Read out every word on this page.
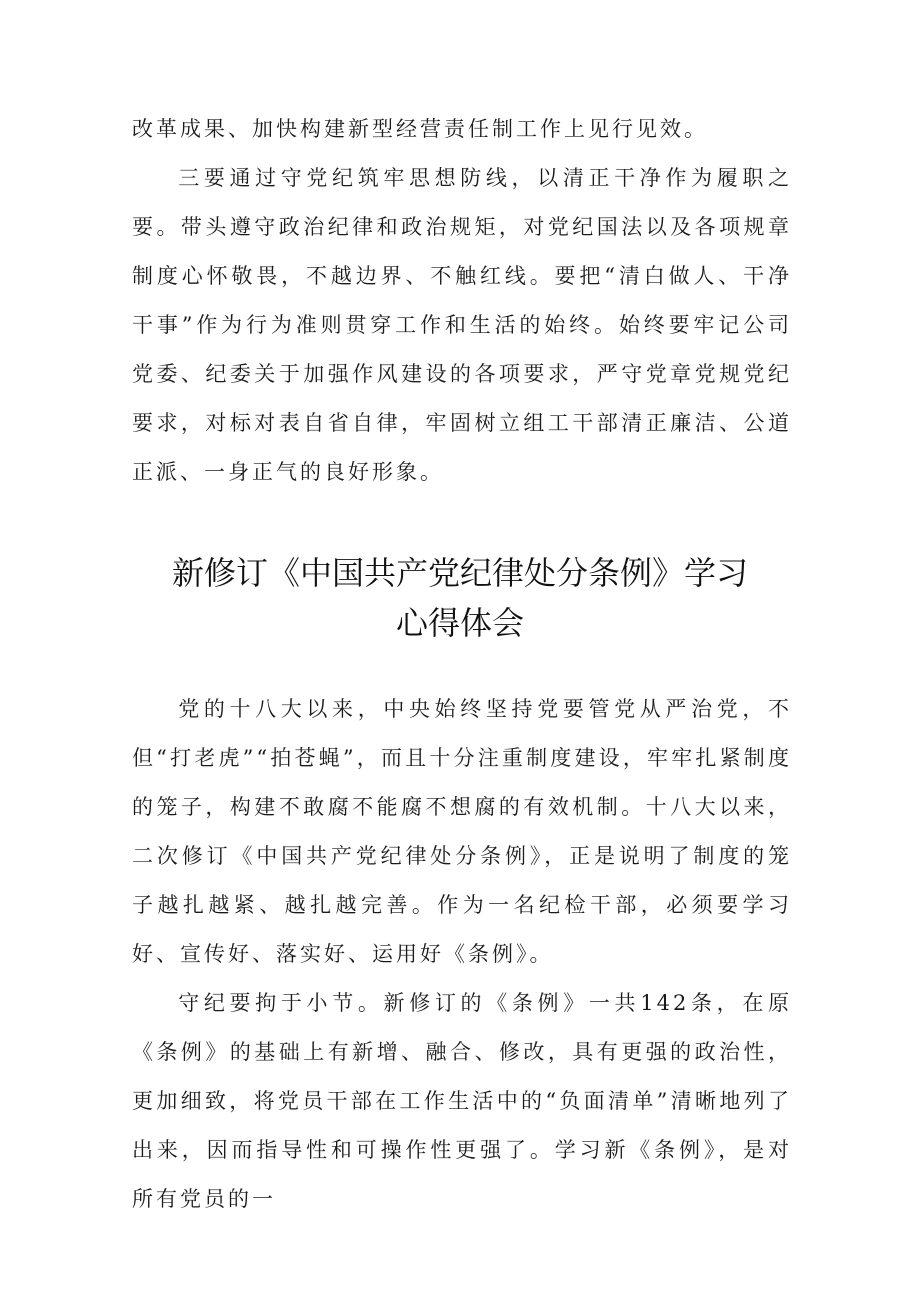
改革成果、加快构建新型经营责任制工作上见行见效。

三要通过守党纪筑牢思想防线，以清正干净作为履职之要。带头遵守政治纪律和政治规矩，对党纪国法以及各项规章制度心怀敬畏，不越边界、不触红线。要把“清白做人、干净干事”作为行为准则贯穿工作和生活的始终。始终要牢记公司党委、纪委关于加强作风建设的各项要求，严守党章党规党纪要求，对标对表自省自律，牢固树立组工干部清正廉洁、公道正派、一身正气的良好形象。

新修订《中国共产党纪律处分条例》学习
心得体会

党的十八大以来，中央始终坚持党要管党从严治党，不但“打老虎”“拍苍蝇”，而且十分注重制度建设，牢牢扎紧制度的笼子，构建不敢腐不能腐不想腐的有效机制。十八大以来，二次修订《中国共产党纪律处分条例》，正是说明了制度的笼子越扎越紧、越扎越完善。作为一名纪检干部，必须要学习好、宣传好、落实好、运用好《条例》。

守纪要拘于小节。新修订的《条例》一共142条，在原《条例》的基础上有新增、融合、修改，具有更强的政治性，更加细致，将党员干部在工作生活中的“负面清单”清晰地列了出来，因而指导性和可操作性更强了。学习新《条例》，是对所有党员的一
